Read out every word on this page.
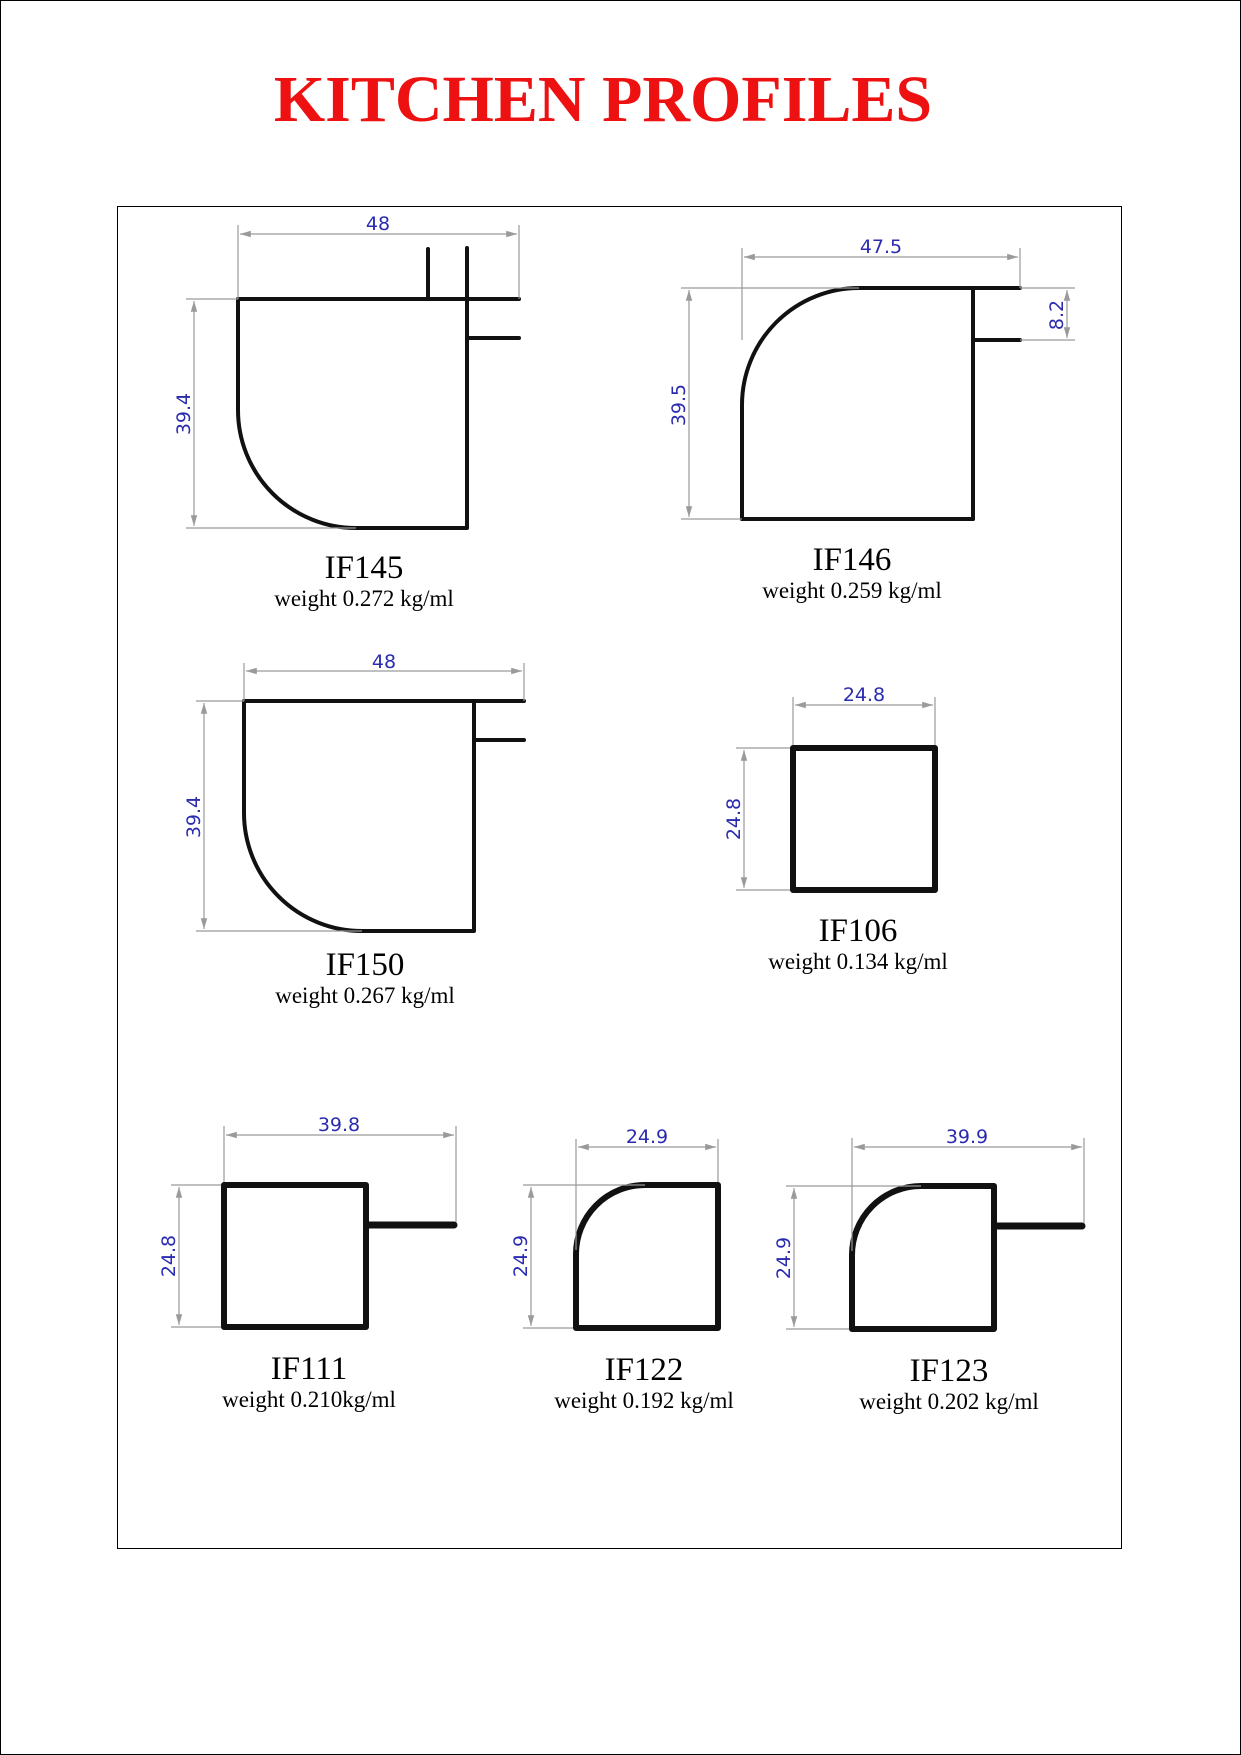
KITCHEN PROFILES
48
39.4
47.5
39.5
8.2
48
39.4
24.8
24.8
39.8
24.8
24.9
24.9
39.9
24.9
IF145
weight 0.272 kg/ml
IF146
weight 0.259 kg/ml
IF150
weight 0.267 kg/ml
IF106
weight 0.134 kg/ml
IF111
weight 0.210kg/ml
IF122
weight 0.192 kg/ml
IF123
weight 0.202 kg/ml
